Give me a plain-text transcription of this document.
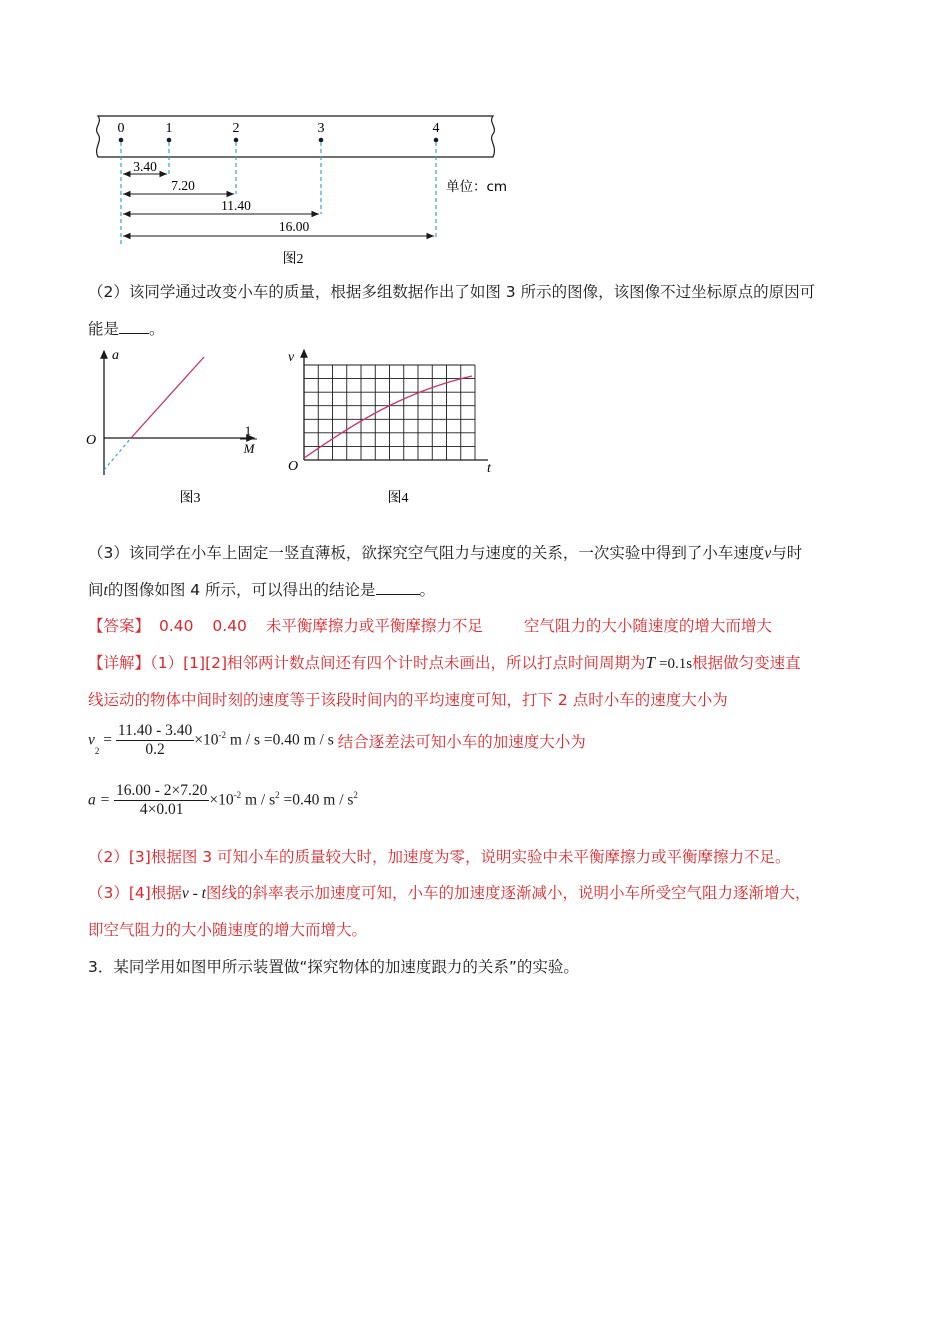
0	1	2	3	4
3.40
7.20
11.40
16.00
单位：cm
图2
（2）该同学通过改变小车的质量，根据多组数据作出了如图 3 所示的图像，该图像不过坐标原点的原因可
能是 。
a
O
1
M
图3
v
O	t
图4
（3）该同学在小车上固定一竖直薄板，欲探究空气阻力与速度的关系，一次实验中得到了小车速度v与时
间t的图像如图 4 所示，可以得出的结论是	。
【答案】 0.40 0.40 未平衡摩擦力或平衡摩擦力不足	空气阻力的大小随速度的增大而增大
【详解】（1）[1][2]相邻两计数点间还有四个计时点未画出，所以打点时间周期为T =0.1s根据做匀变速直
线运动的物体中间时刻的速度等于该段时间内的平均速度可知，打下 2 点时小车的速度大小为
$v_2 = \frac{11.40 - 3.40}{0.2} \times 10^{-2}$ m / s =0.40 m / s 结合逐差法可知小车的加速度大小为
$a = \frac{16.00 - 2\times 7.20}{4\times 0.01} \times 10^{-2}$ $m / s^2 =0.40$ m / $s^2$
（2）[3]根据图 3 可知小车的质量较大时，加速度为零，说明实验中未平衡摩擦力或平衡摩擦力不足。
（3）[4]根据v - t图线的斜率表示加速度可知，小车的加速度逐渐减小，说明小车所受空气阻力逐渐增大，
即空气阻力的大小随速度的增大而增大。
3．某同学用如图甲所示装置做“探究物体的加速度跟力的关系”的实验。
